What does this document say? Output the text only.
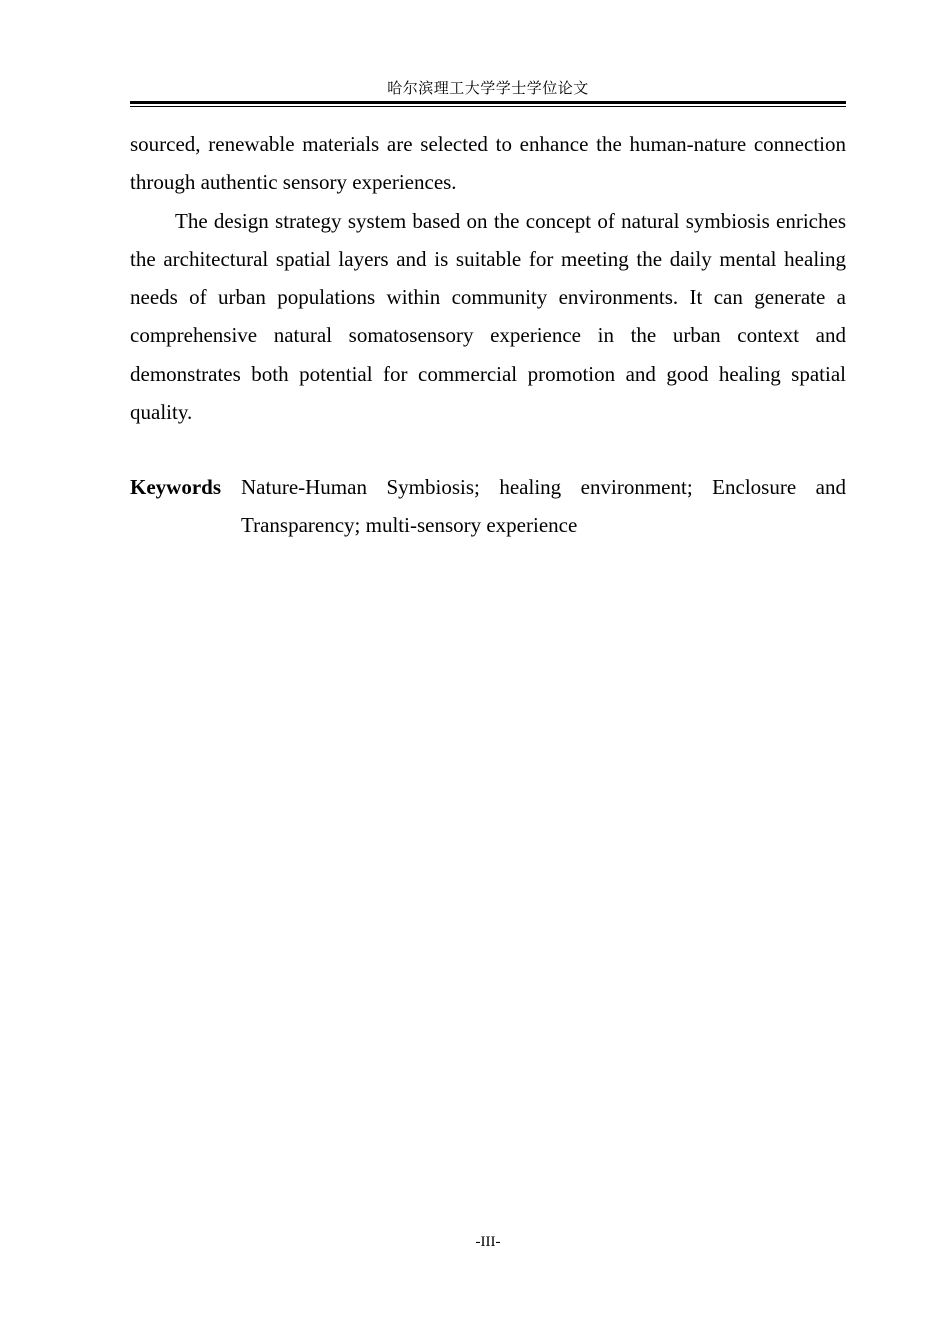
哈尔滨理工大学学士学位论文

sourced, renewable materials are selected to enhance the human-nature connection through authentic sensory experiences.

The design strategy system based on the concept of natural symbiosis enriches the architectural spatial layers and is suitable for meeting the daily mental healing needs of urban populations within community environments. It can generate a comprehensive natural somatosensory experience in the urban context and demonstrates both potential for commercial promotion and good healing spatial quality.

Keywords Nature-Human Symbiosis; healing environment; Enclosure and Transparency; multi-sensory experience
-III-
